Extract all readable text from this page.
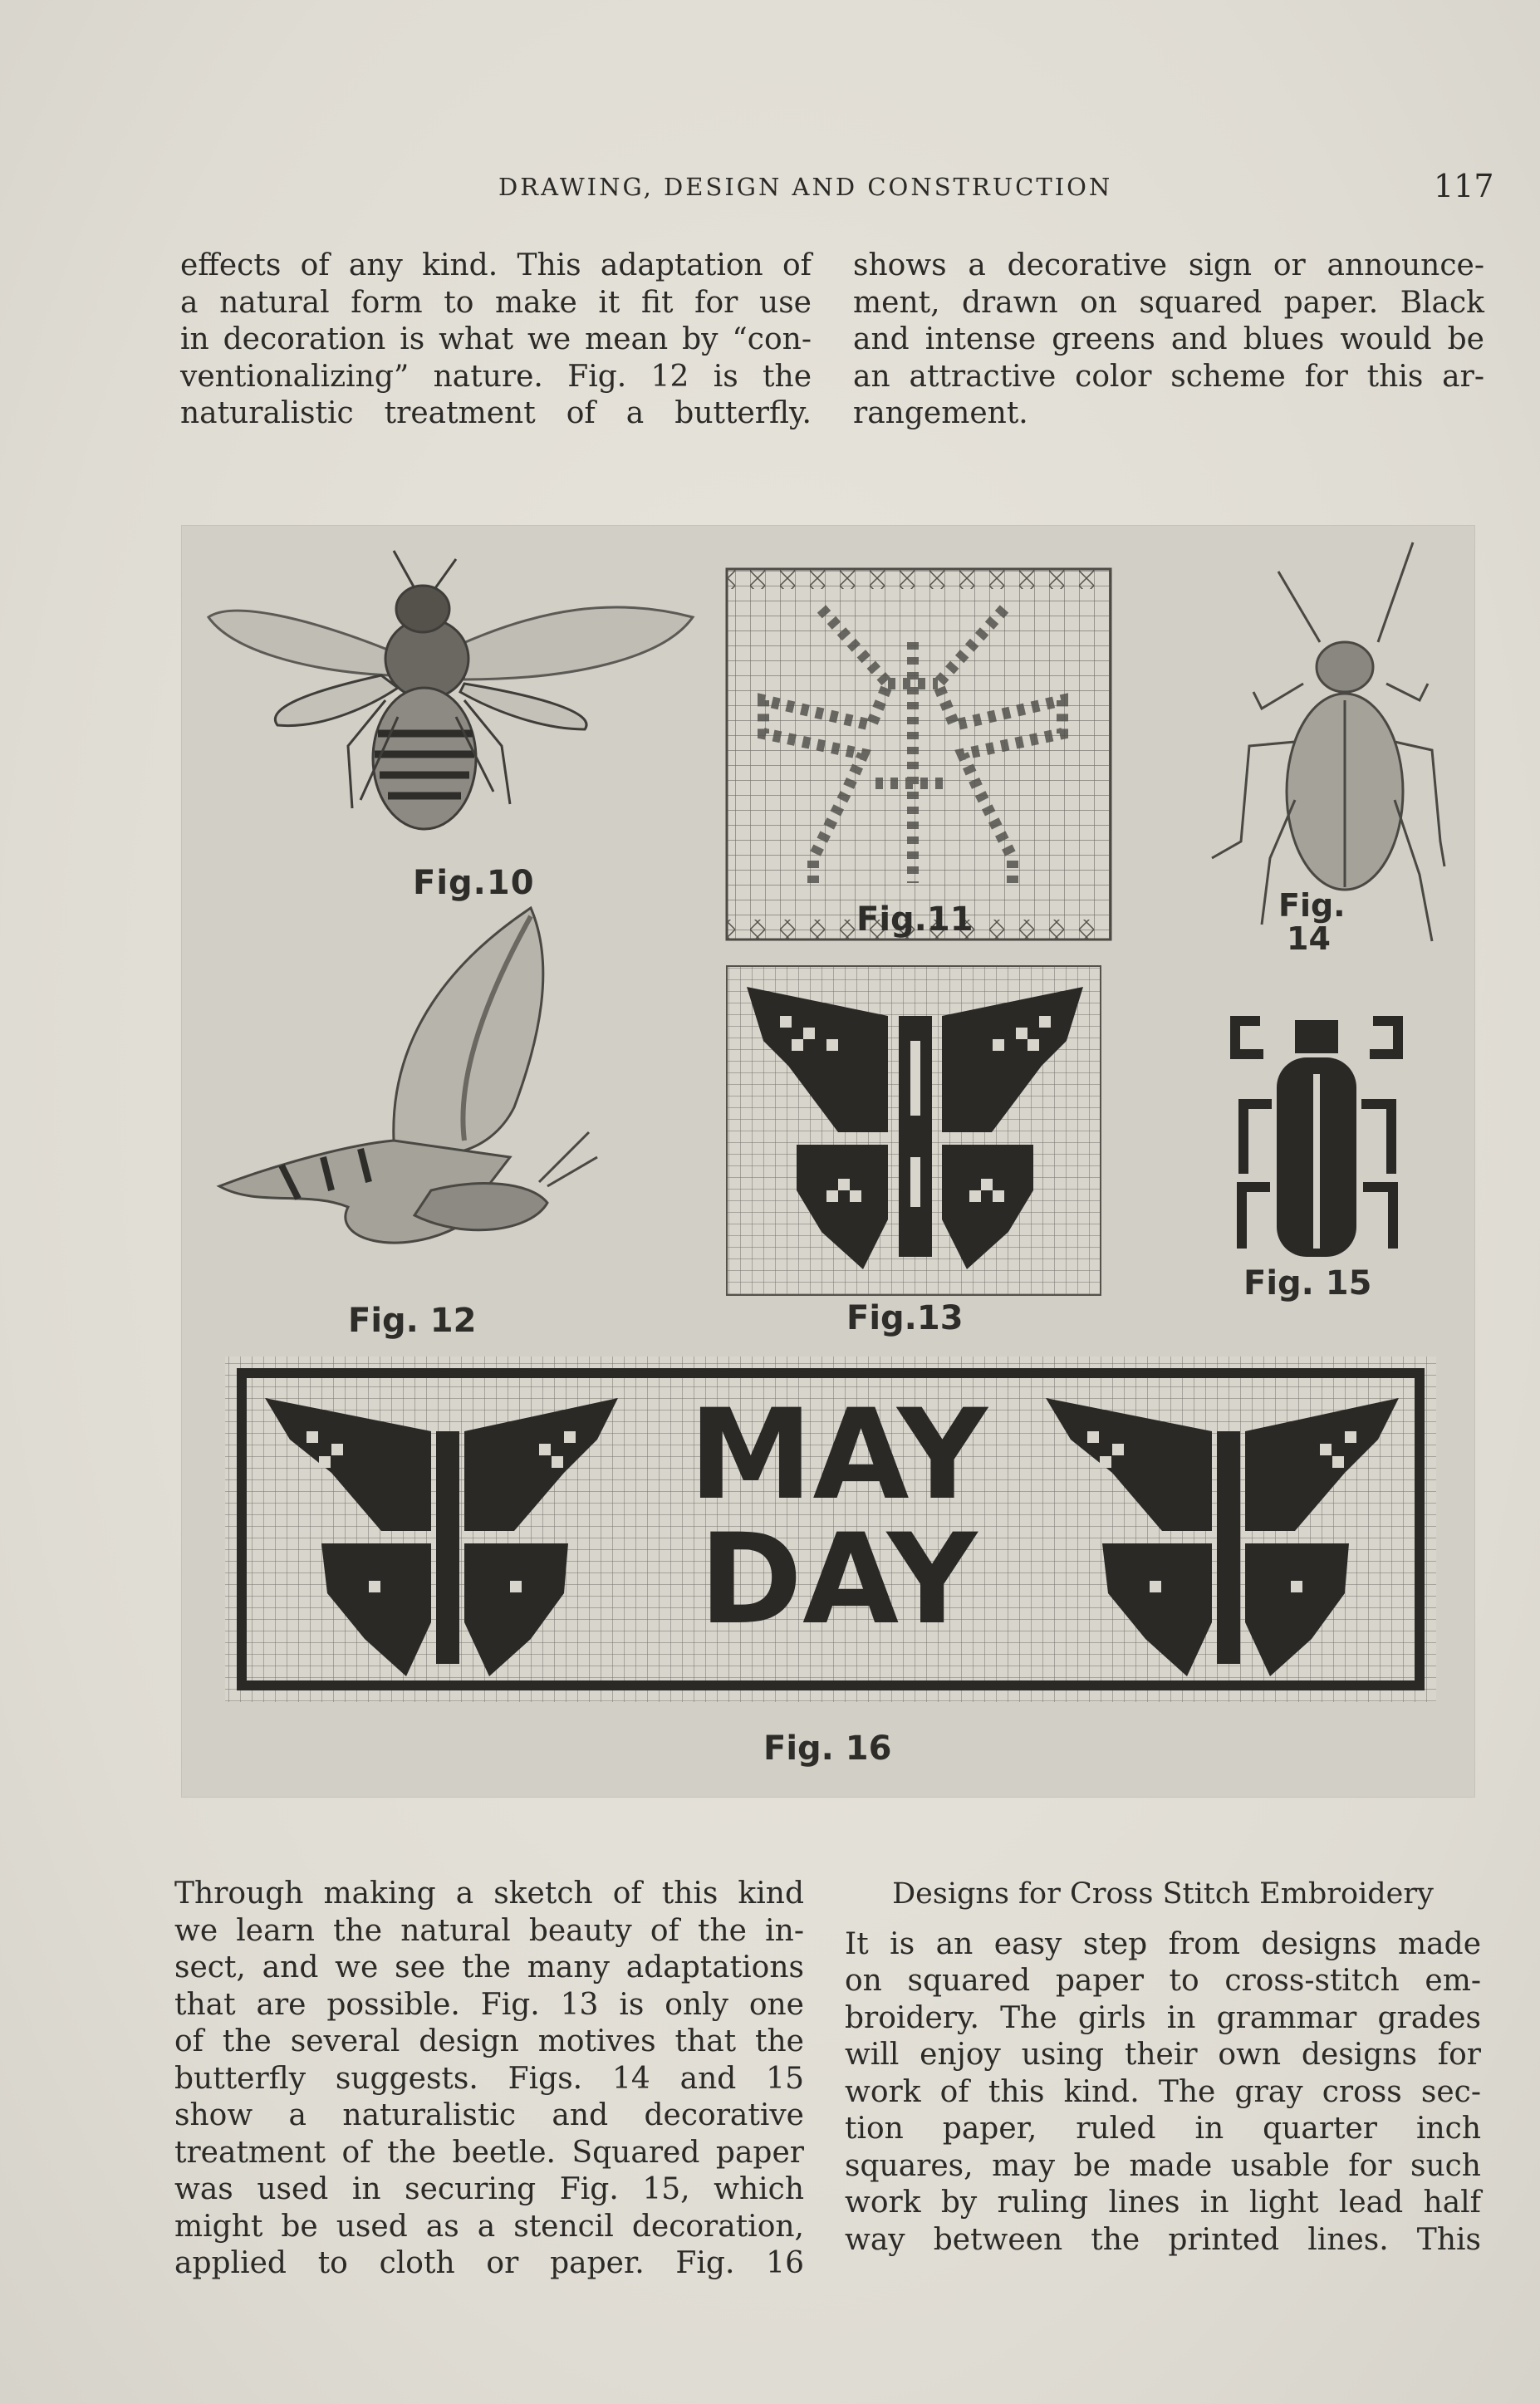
DRAWING, DESIGN AND CONSTRUCTION	117
effects of any kind. This adaptation of
a natural form to make it fit for use
in decoration is what we mean by “con-
ventionalizing” nature. Fig. 12 is the
naturalistic treatment of a butterfly.
shows a decorative sign or announce-
ment, drawn on squared paper. Black
and intense greens and blues would be
an attractive color scheme for this ar-
rangement.
Fig.10
Fig.11	Fig.
14
Fig. 12	Fig.13
Fig. 15
MAY
DAY
Fig. 16
Through making a sketch of this kind
we learn the natural beauty of the in-
sect, and we see the many adaptations
that are possible. Fig. 13 is only one
of the several design motives that the
butterfly suggests. Figs. 14 and 15
show a naturalistic and decorative
treatment of the beetle. Squared paper
was used in securing Fig. 15, which
might be used as a stencil decoration,
applied to cloth or paper. Fig. 16
Designs for Cross Stitch Embroidery
It is an easy step from designs made
on squared paper to cross-stitch em-
broidery. The girls in grammar grades
will enjoy using their own designs for
work of this kind. The gray cross sec-
tion paper, ruled in quarter inch
squares, may be made usable for such
work by ruling lines in light lead half
way between the printed lines. This
